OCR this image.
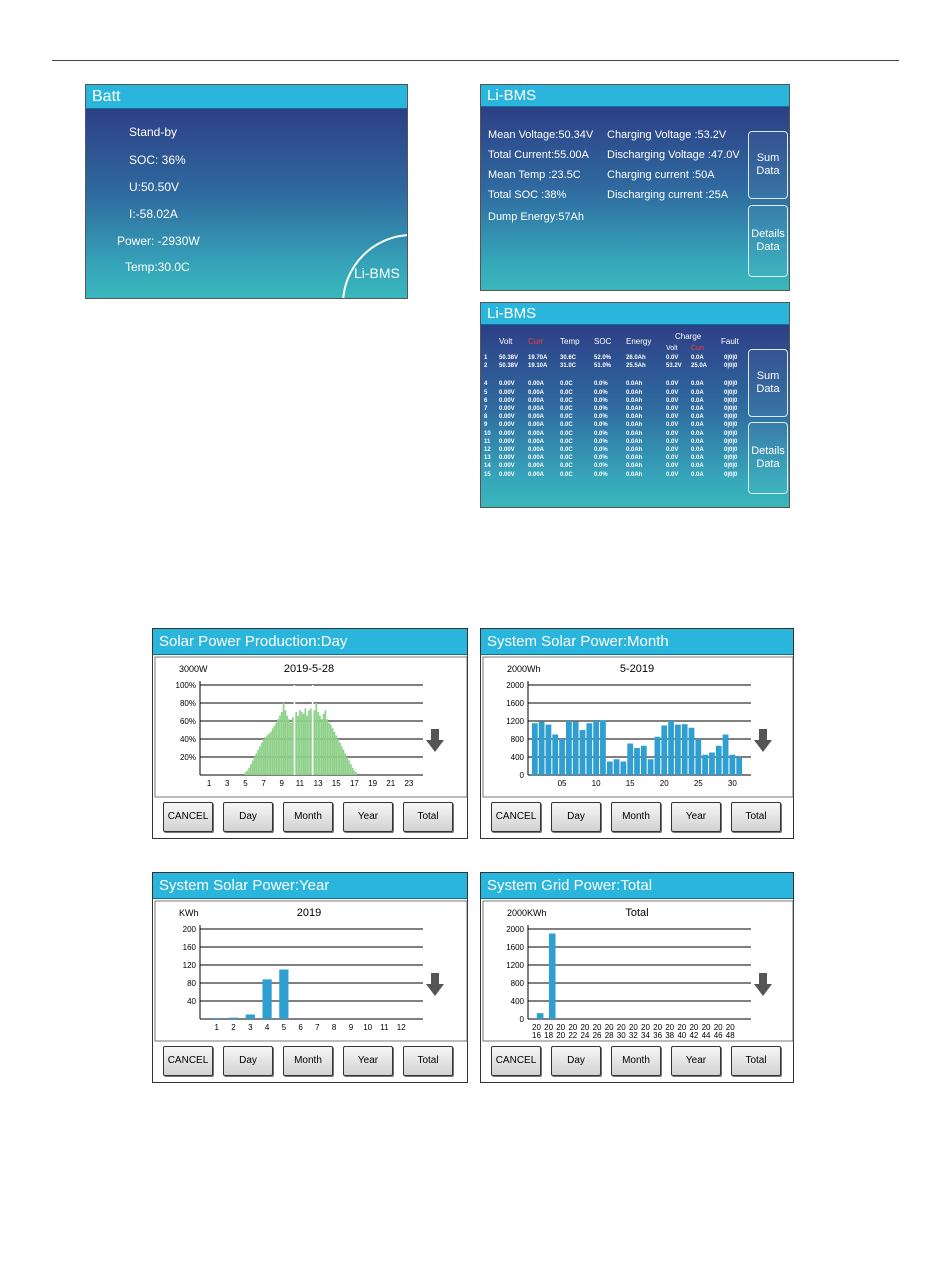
Batt
Stand-by
SOC: 36%
U:50.50V
I:-58.02A
Power: -2930W
Temp:30.0C	Li-BMS
Li-BMS
Mean Voltage:50.34V
Total Current:55.00A
Mean Temp :23.5C
Total SOC :38%
Dump Energy:57Ah
Charging Voltage :53.2V
Discharging Voltage :47.0V
Charging current :50A
Discharging current :25A
Sum
Data
Details
Data
Li-BMS
Volt Curr Temp SOC Energy
Charge
Volt Curr
Fault
1 50.38V 19.70A 30.6C	52.0% 26.0Ah	0.0V 0.0A	0|0|0
2 50.38V 19.10A 31.0C	51.0% 25.5Ah	53.2V 25.0A	0|0|0
4 0.00V 0.00A	0.0C	0.0%	0.0Ah	0.0V 0.0A	0|0|0
5 0.00V 0.00A	0.0C	0.0%	0.0Ah	0.0V 0.0A	0|0|0
6 0.00V 0.00A	0.0C	0.0%	0.0Ah	0.0V 0.0A	0|0|0
7 0.00V 0.00A	0.0C	0.0%	0.0Ah	0.0V 0.0A	0|0|0
8 0.00V 0.00A	0.0C	0.0%	0.0Ah	0.0V 0.0A	0|0|0
9 0.00V 0.00A	0.0C	0.0%	0.0Ah	0.0V 0.0A	0|0|0
10 0.00V 0.00A	0.0C	0.0%	0.0Ah	0.0V 0.0A	0|0|0
11 0.00V 0.00A	0.0C	0.0%	0.0Ah	0.0V 0.0A	0|0|0
12 0.00V 0.00A	0.0C	0.0%	0.0Ah	0.0V 0.0A	0|0|0
13 0.00V 0.00A	0.0C	0.0%	0.0Ah	0.0V 0.0A	0|0|0
14 0.00V 0.00A	0.0C	0.0%	0.0Ah	0.0V 0.0A	0|0|0
15 0.00V 0.00A	0.0C	0.0%	0.0Ah	0.0V 0.0A	0|0|0
Sum
Data
Details
Data
Solar Power Production:Day
3000W	2019-5-28
20%
40%
60%
80%
100%
1 3 5 7 9 11 13 15 17 19 21 23
CANCEL	Day	Month	Year	Total
System Solar Power:Month
2000Wh	5-2019
0
400
800
1200
1600
2000
05	10	15	20	25	30
CANCEL	Day	Month	Year	Total
System Solar Power:Year
KWh	2019
40
80
120
160
200
1 2 3 4 5 6 7 8 9 10 11 12
CANCEL	Day	Month	Year	Total
System Grid Power:Total
2000KWh	Total
0
400
800
1200
1600
2000
20
16
20
18
20
20
20
22
20
24
20
26
20
28
20
30
20
32
20
34
20
36
20
38
20
40
20
42
20
44
20
46
20
48
CANCEL	Day	Month	Year	Total
